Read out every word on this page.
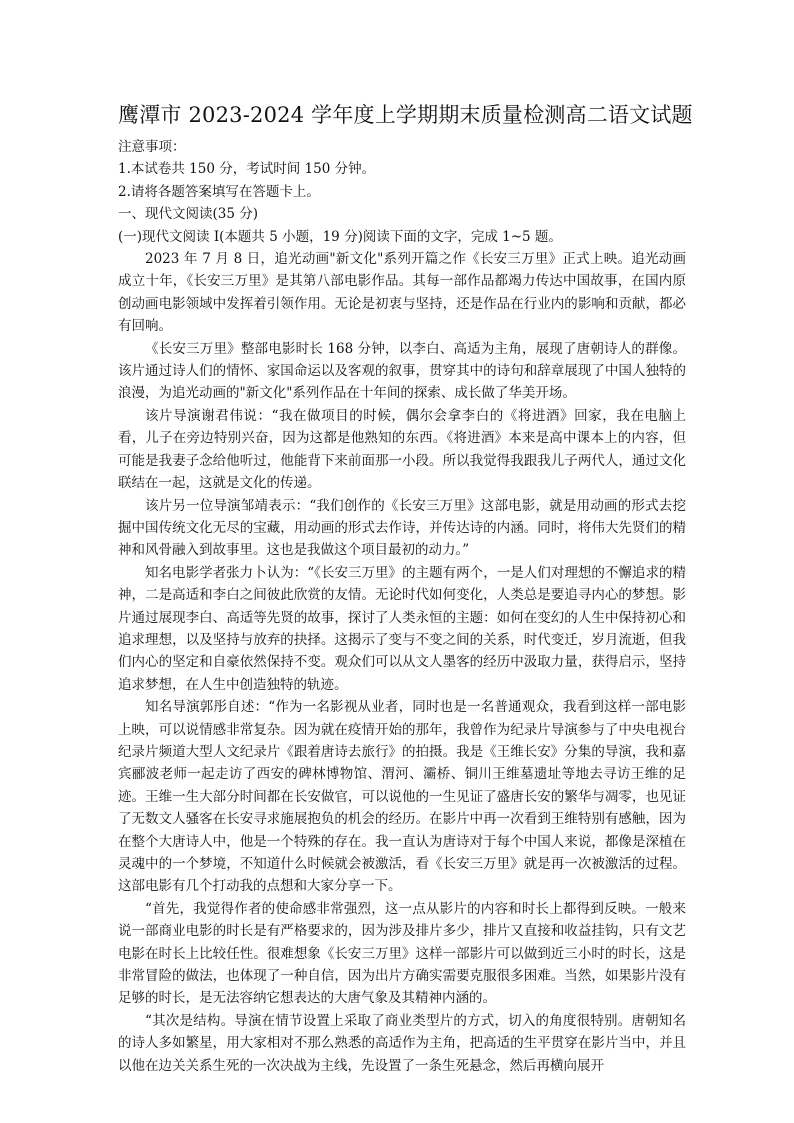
鹰潭市 2023-2024 学年度上学期期末质量检测高二语文试题

注意事项：

1.本试卷共 150 分，考试时间 150 分钟。

2.请将各题答案填写在答题卡上。

一、现代文阅读(35 分)

(一)现代文阅读 I(本题共 5 小题，19 分)阅读下面的文字，完成 1~5 题。

2023 年 7 月 8 日，追光动画"新文化"系列开篇之作《长安三万里》正式上映。追光动画成立十年，《长安三万里》是其第八部电影作品。其每一部作品都竭力传达中国故事，在国内原创动画电影领域中发挥着引领作用。无论是初衷与坚持，还是作品在行业内的影响和贡献，都必有回响。

《长安三万里》整部电影时长 168 分钟，以李白、高适为主角，展现了唐朝诗人的群像。该片通过诗人们的情怀、家国命运以及客观的叙事，贯穿其中的诗句和辞章展现了中国人独特的浪漫，为追光动画的"新文化"系列作品在十年间的探索、成长做了华美开场。

该片导演谢君伟说：“我在做项目的时候，偶尔会拿李白的《将进酒》回家，我在电脑上看，儿子在旁边特别兴奋，因为这都是他熟知的东西。《将进酒》本来是高中课本上的内容，但可能是我妻子念给他听过，他能背下来前面那一小段。所以我觉得我跟我儿子两代人，通过文化联结在一起，这就是文化的传递。

该片另一位导演邹靖表示：“我们创作的《长安三万里》这部电影，就是用动画的形式去挖掘中国传统文化无尽的宝藏，用动画的形式去作诗，并传达诗的内涵。同时，将伟大先贤们的精神和风骨融入到故事里。这也是我做这个项目最初的动力。”

知名电影学者张力卜认为：“《长安三万里》的主题有两个，一是人们对理想的不懈追求的精神，二是高适和李白之间彼此欣赏的友情。无论时代如何变化，人类总是要追寻内心的梦想。影片通过展现李白、高适等先贤的故事，探讨了人类永恒的主题：如何在变幻的人生中保持初心和追求理想，以及坚持与放弃的抉择。这揭示了变与不变之间的关系，时代变迁，岁月流逝，但我们内心的坚定和自豪依然保持不变。观众们可以从文人墨客的经历中汲取力量，获得启示，坚持追求梦想，在人生中创造独特的轨迹。

知名导演郭彤自述：“作为一名影视从业者，同时也是一名普通观众，我看到这样一部电影上映，可以说情感非常复杂。因为就在疫情开始的那年，我曾作为纪录片导演参与了中央电视台纪录片频道大型人文纪录片《跟着唐诗去旅行》的拍摄。我是《王维长安》分集的导演，我和嘉宾郦波老师一起走访了西安的碑林博物馆、渭河、灞桥、铜川王维墓遗址等地去寻访王维的足迹。王维一生大部分时间都在长安做官，可以说他的一生见证了盛唐长安的繁华与凋零，也见证了无数文人骚客在长安寻求施展抱负的机会的经历。在影片中再一次看到王维特别有感触，因为在整个大唐诗人中，他是一个特殊的存在。我一直认为唐诗对于每个中国人来说，都像是深植在灵魂中的一个梦境，不知道什么时候就会被激活，看《长安三万里》就是再一次被激活的过程。这部电影有几个打动我的点想和大家分享一下。

“首先，我觉得作者的使命感非常强烈，这一点从影片的内容和时长上都得到反映。一般来说一部商业电影的时长是有严格要求的，因为涉及排片多少，排片又直接和收益挂钩，只有文艺电影在时长上比较任性。很难想象《长安三万里》这样一部影片可以做到近三小时的时长，这是非常冒险的做法，也体现了一种自信，因为出片方确实需要克服很多困难。当然，如果影片没有足够的时长，是无法容纳它想表达的大唐气象及其精神内涵的。

“其次是结构。导演在情节设置上采取了商业类型片的方式，切入的角度很特别。唐朝知名的诗人多如繁星，用大家相对不那么熟悉的高适作为主角，把高适的生平贯穿在影片当中，并且以他在边关关系生死的一次决战为主线，先设置了一条生死悬念，然后再横向展开
